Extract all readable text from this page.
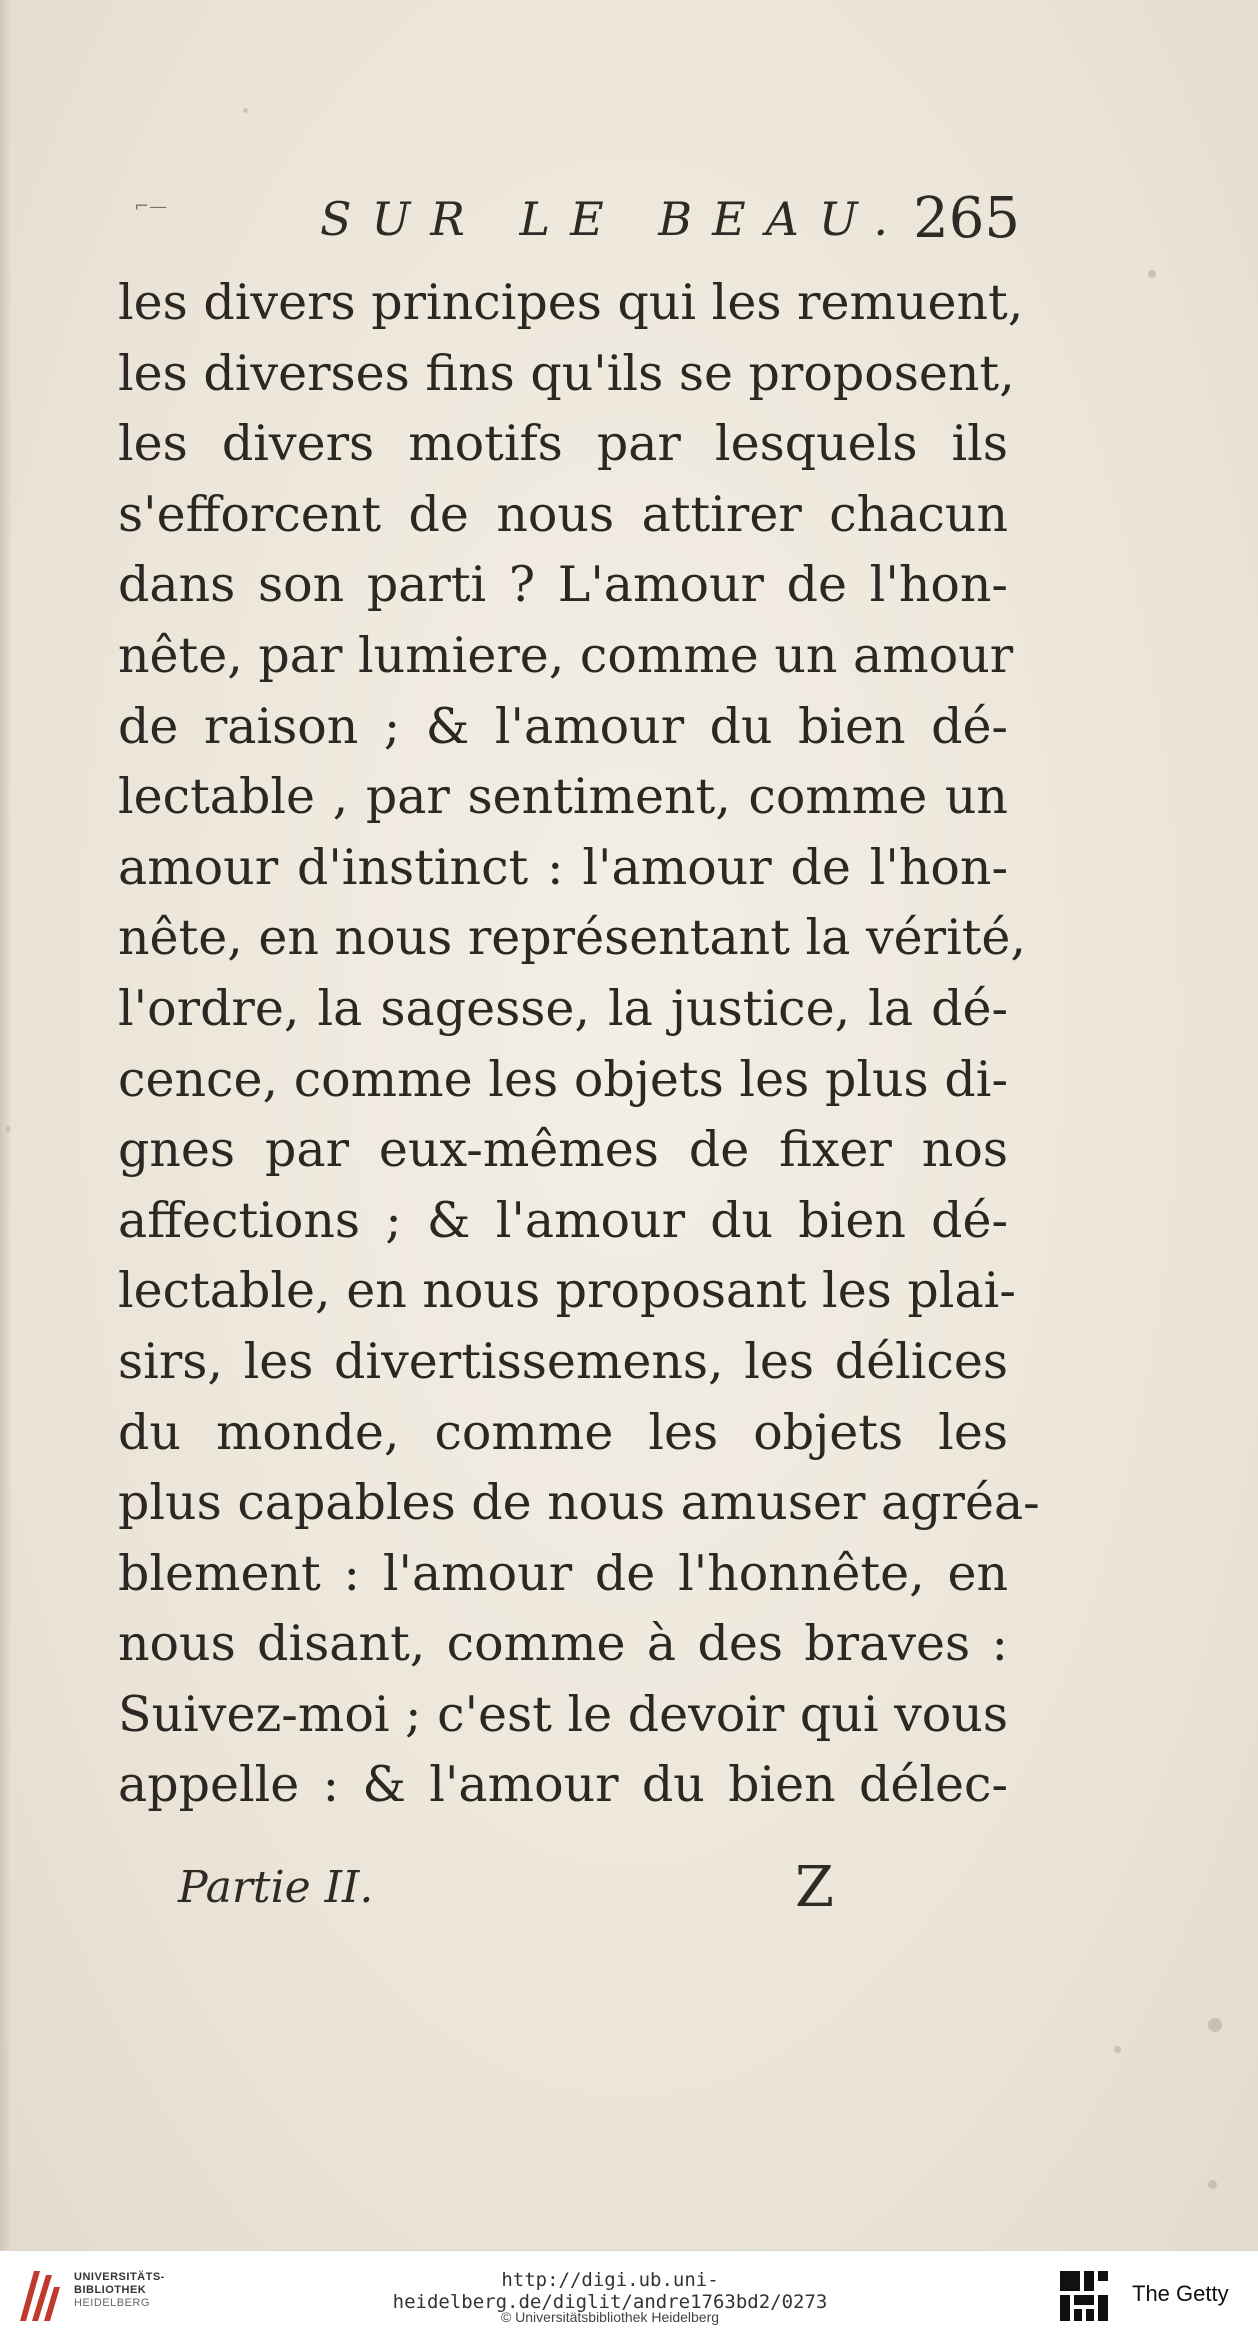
⌐—	SUR LE BEAU. 265
les divers principes qui les remuent,
les diverses fins qu'ils se proposent,
les divers motifs par lesquels ils
s'efforcent de nous attirer chacun
dans son parti ? L'amour de l'hon-
nête, par lumiere, comme un amour
de raison ; & l'amour du bien dé-
lectable , par sentiment, comme un
amour d'instinct : l'amour de l'hon-
nête, en nous représentant la vérité,
l'ordre, la sagesse, la justice, la dé-
cence, comme les objets les plus di-
gnes par eux-mêmes de fixer nos
affections ; & l'amour du bien dé-
lectable, en nous proposant les plai-
sirs, les divertissemens, les délices
du monde, comme les objets les
plus capables de nous amuser agréa-
blement : l'amour de l'honnête, en
nous disant, comme à des braves :
Suivez-moi ; c'est le devoir qui vous
appelle : & l'amour du bien délec-
Partie II.	Z
UNIVERSITÄTS-
BIBLIOTHEK
HEIDELBERG
http://digi.ub.uni-heidelberg.de/diglit/andre1763bd2/0273
© Universitätsbibliothek Heidelberg
The Getty
